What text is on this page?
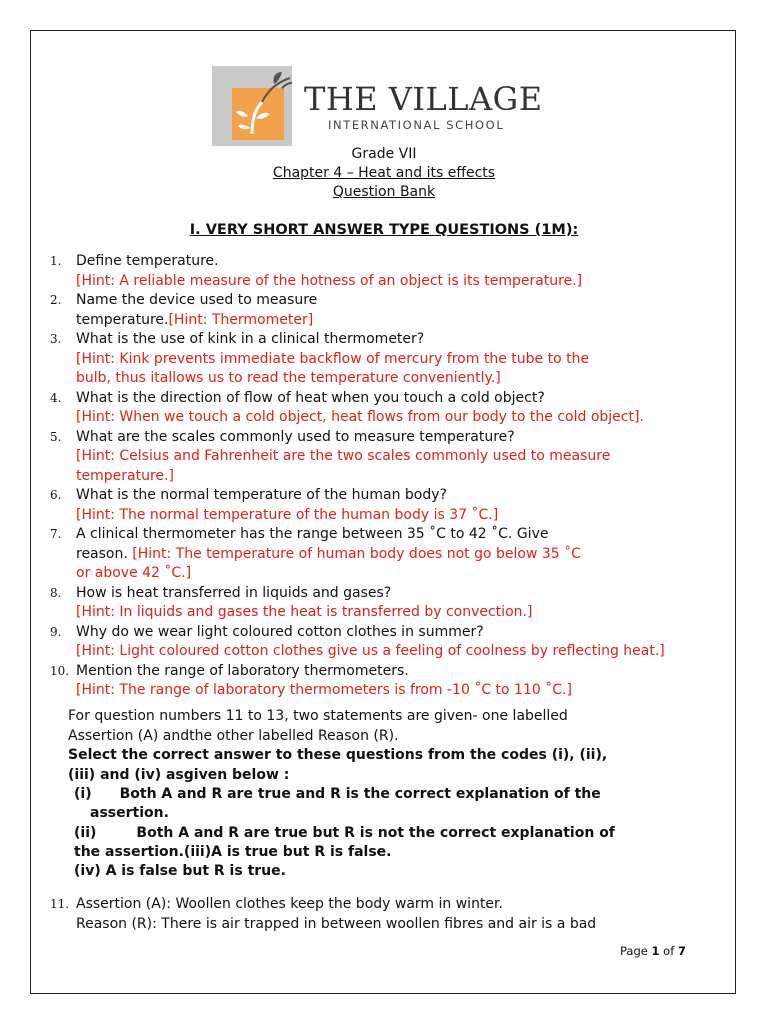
THE VILLAGE
INTERNATIONAL SCHOOL
Grade VII
Chapter 4 – Heat and its effects
Question Bank
I. VERY SHORT ANSWER TYPE QUESTIONS (1M):
1.	Define temperature.
[Hint: A reliable measure of the hotness of an object is its temperature.]
2.	Name the device used to measure
temperature.[Hint: Thermometer]
3.	What is the use of kink in a clinical thermometer?
[Hint: Kink prevents immediate backflow of mercury from the tube to the
bulb, thus itallows us to read the temperature conveniently.]
4.	What is the direction of flow of heat when you touch a cold object?
[Hint: When we touch a cold object, heat flows from our body to the cold object].
5.	What are the scales commonly used to measure temperature?
[Hint: Celsius and Fahrenheit are the two scales commonly used to measure
temperature.]
6.	What is the normal temperature of the human body?
[Hint: The normal temperature of the human body is 37 ˚C.]
7.	A clinical thermometer has the range between 35 ˚C to 42 ˚C. Give
reason. [Hint: The temperature of human body does not go below 35 ˚C
or above 42 ˚C.]
8.	How is heat transferred in liquids and gases?
[Hint: In liquids and gases the heat is transferred by convection.]
9.	Why do we wear light coloured cotton clothes in summer?
[Hint: Light coloured cotton clothes give us a feeling of coolness by reflecting heat.]
10. Mention the range of laboratory thermometers.
[Hint: The range of laboratory thermometers is from -10 ˚C to 110 ˚C.]
For question numbers 11 to 13, two statements are given- one labelled
Assertion (A) andthe other labelled Reason (R).
Select the correct answer to these questions from the codes (i), (ii),
(iii) and (iv) asgiven below :
(i) Both A and R are true and R is the correct explanation of the
assertion.
(ii)	Both A and R are true but R is not the correct explanation of
the assertion.(iii)A is true but R is false.
(iv) A is false but R is true.
11. Assertion (A): Woollen clothes keep the body warm in winter.
Reason (R): There is air trapped in between woollen fibres and air is a bad
Page 1 of 7
